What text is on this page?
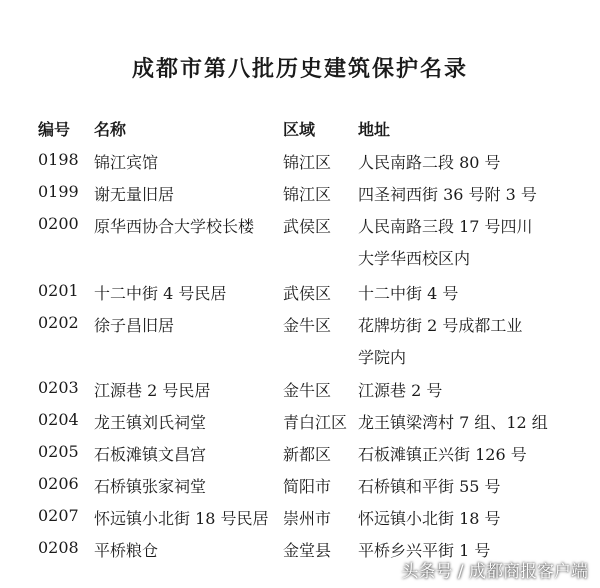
成都市第八批历史建筑保护名录
编号 名称	区域	地址
0198 锦江宾馆	锦江区 人民南路二段 80 号
0199 谢无量旧居	锦江区 四圣祠西街 36 号附 3 号
0200 原华西协合大学校长楼 武侯区 人民南路三段 17 号四川
大学华西校区内
0201 十二中街 4 号民居	武侯区 十二中街 4 号
0202 徐子昌旧居	金牛区 花牌坊街 2 号成都工业
学院内
0203 江源巷 2 号民居	金牛区 江源巷 2 号
0204 龙王镇刘氏祠堂	青白江区 龙王镇梁湾村 7 组、12 组
0205 石板滩镇文昌宫	新都区 石板滩镇正兴街 126 号
0206 石桥镇张家祠堂	简阳市 石桥镇和平街 55 号
0207 怀远镇小北街 18 号民居 崇州市 怀远镇小北街 18 号
0208 平桥粮仓	金堂县 平桥乡兴平街 1 号
头条号 / 成都商报客户端
